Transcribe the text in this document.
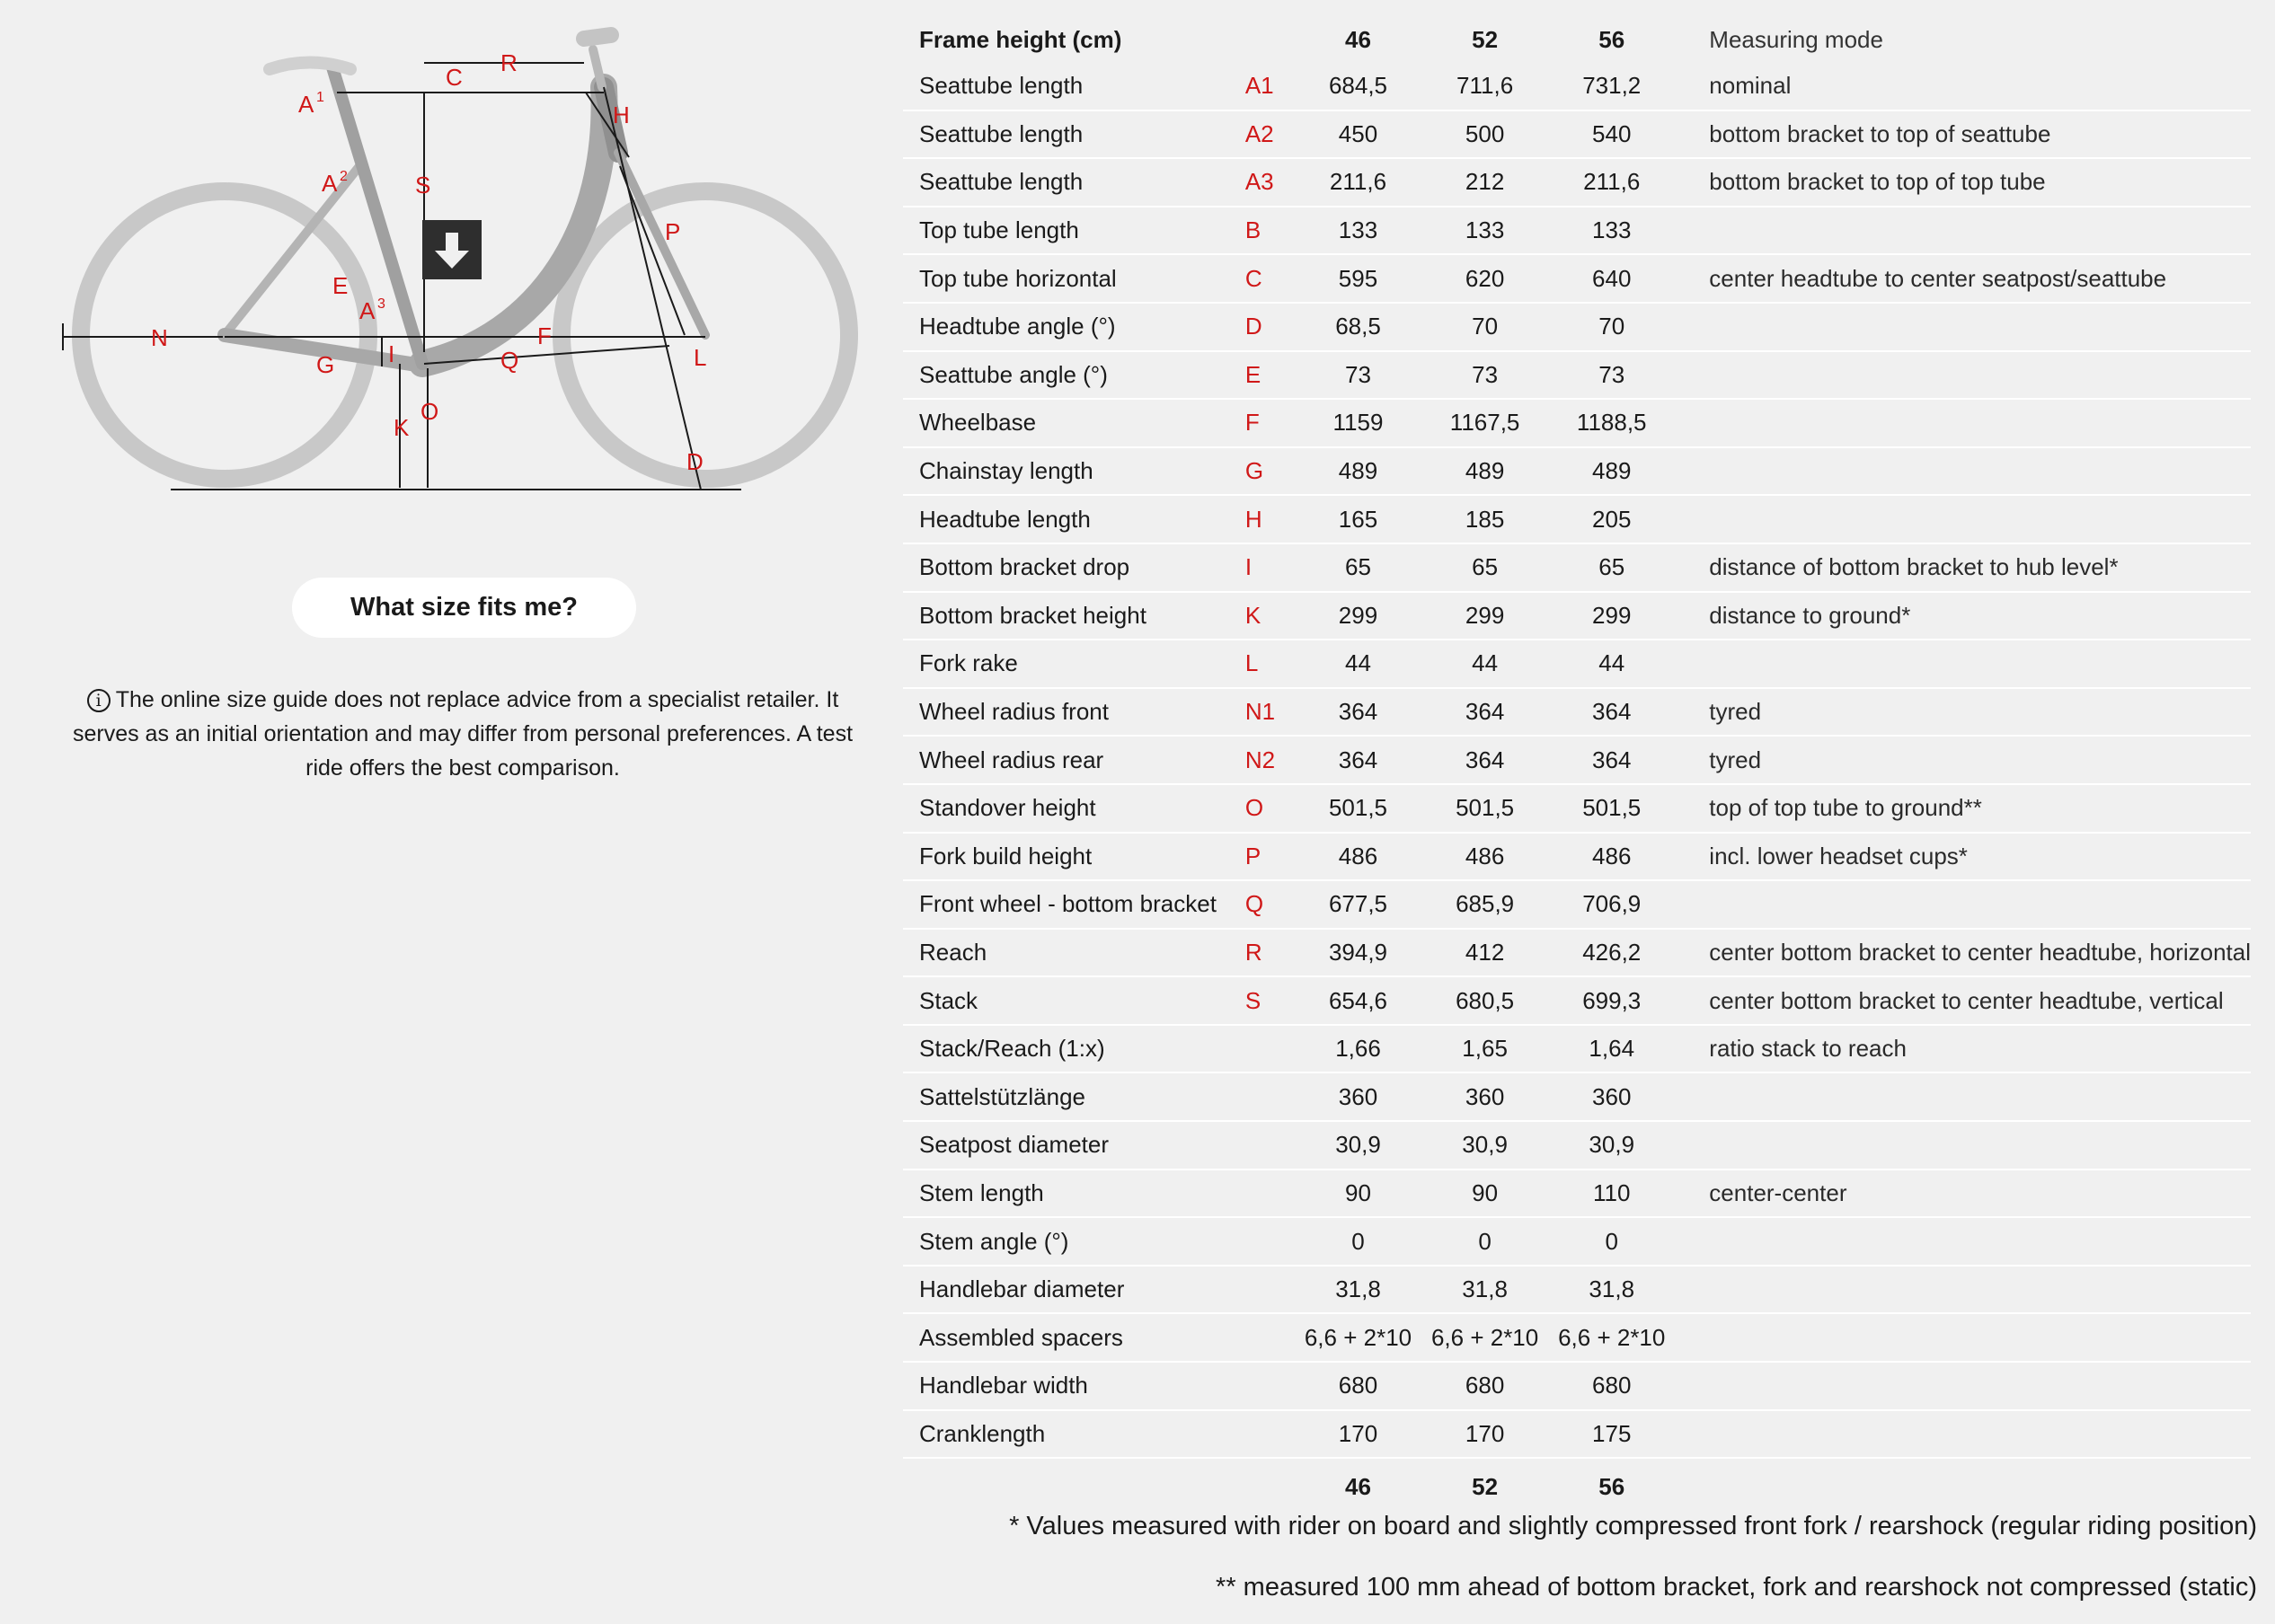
A 1
A 2
A 3
C
R
H
S
P
E
N
G I
F
Q	L
K
O
D
What size fits me?
i The online size guide does not replace advice from a specialist retailer. It serves as an initial orientation and may differ from personal preferences. A test ride offers the best comparison.
Frame height (cm)		46	52	56	Measuring mode
Seattube length	A1	684,5	711,6	731,2	nominal
Seattube length	A2	450	500	540	bottom bracket to top of seattube
Seattube length	A3	211,6	212	211,6	bottom bracket to top of top tube
Top tube length	B	133	133	133	
Top tube horizontal	C	595	620	640	center headtube to center seatpost/seattube
Headtube angle (°)	D	68,5	70	70	
Seattube angle (°)	E	73	73	73	
Wheelbase	F	1159	1167,5	1188,5	
Chainstay length	G	489	489	489	
Headtube length	H	165	185	205	
Bottom bracket drop	I	65	65	65	distance of bottom bracket to hub level*
Bottom bracket height	K	299	299	299	distance to ground*
Fork rake	L	44	44	44	
Wheel radius front	N1	364	364	364	tyred
Wheel radius rear	N2	364	364	364	tyred
Standover height	O	501,5	501,5	501,5	top of top tube to ground**
Fork build height	P	486	486	486	incl. lower headset cups*
Front wheel - bottom bracket	Q	677,5	685,9	706,9	
Reach	R	394,9	412	426,2	center bottom bracket to center headtube, horizontal
Stack	S	654,6	680,5	699,3	center bottom bracket to center headtube, vertical
Stack/Reach (1:x)		1,66	1,65	1,64	ratio stack to reach
Sattelstützlänge		360	360	360	
Seatpost diameter		30,9	30,9	30,9	
Stem length		90	90	110	center-center
Stem angle (°)		0	0	0	
Handlebar diameter		31,8	31,8	31,8	
Assembled spacers		6,6 + 2*10	6,6 + 2*10	6,6 + 2*10	
Handlebar width		680	680	680	
Cranklength		170	170	175	
		46	52	56	
* Values measured with rider on board and slightly compressed front fork / rearshock (regular riding position)
** measured 100 mm ahead of bottom bracket, fork and rearshock not compressed (static)
